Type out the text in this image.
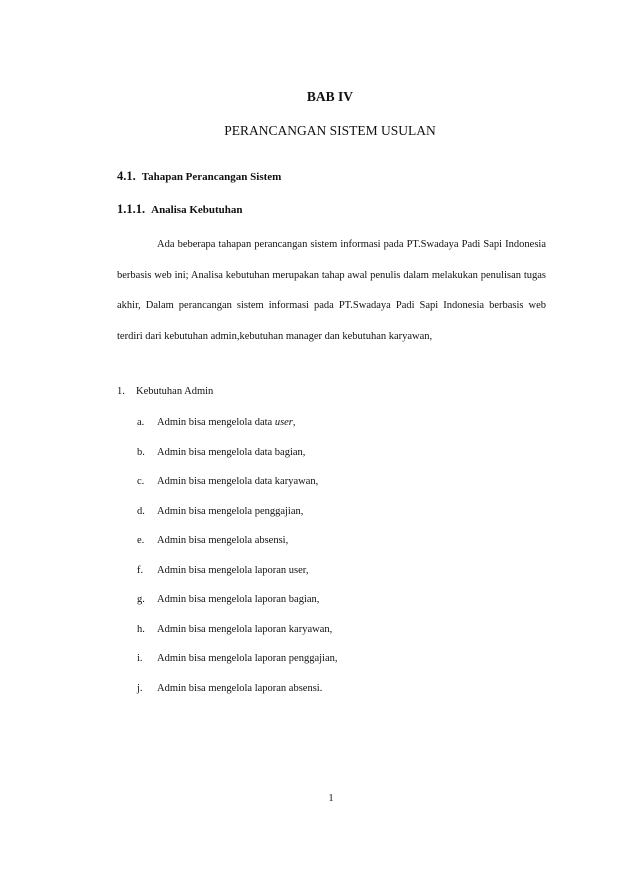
BAB IV
PERANCANGAN SISTEM USULAN
4.1. Tahapan Perancangan Sistem
1.1.1. Analisa Kebutuhan

Ada beberapa tahapan perancangan sistem informasi pada PT.Swadaya Padi Sapi Indonesia berbasis web ini; Analisa kebutuhan merupakan tahap awal penulis dalam melakukan penulisan tugas akhir, Dalam perancangan sistem informasi pada PT.Swadaya Padi Sapi Indonesia berbasis web terdiri dari kebutuhan admin,kebutuhan manager dan kebutuhan karyawan,

1. Kebutuhan Admin
a. Admin bisa mengelola data user,
b. Admin bisa mengelola data bagian,
c. Admin bisa mengelola data karyawan,
d. Admin bisa mengelola penggajian,
e. Admin bisa mengelola absensi,
f. Admin bisa mengelola laporan user,
g. Admin bisa mengelola laporan bagian,
h. Admin bisa mengelola laporan karyawan,
i. Admin bisa mengelola laporan penggajian,
j. Admin bisa mengelola laporan absensi.
1
